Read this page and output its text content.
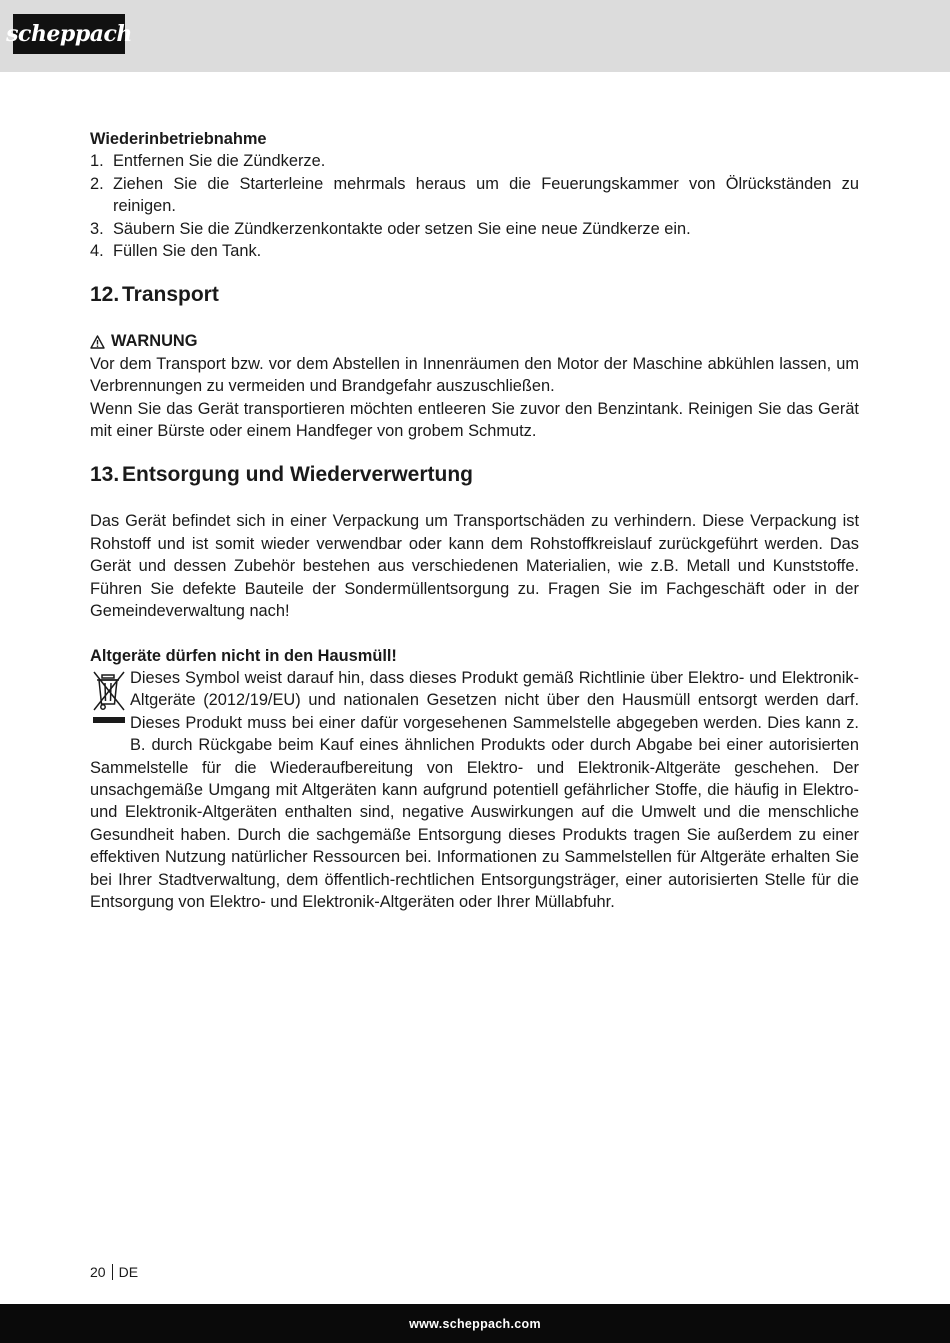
scheppach
Wiederinbetriebnahme
1. Entfernen Sie die Zündkerze.
2. Ziehen Sie die Starterleine mehrmals heraus um die Feuerungskammer von Ölrückständen zu reinigen.
3. Säubern Sie die Zündkerzenkontakte oder setzen Sie eine neue Zündkerze ein.
4. Füllen Sie den Tank.
12. Transport
WARNUNG
Vor dem Transport bzw. vor dem Abstellen in Innenräumen den Motor der Maschine abkühlen lassen, um Verbrennungen zu vermeiden und Brandgefahr auszuschließen.
Wenn Sie das Gerät transportieren möchten entleeren Sie zuvor den Benzintank. Reinigen Sie das Gerät mit einer Bürste oder einem Handfeger von grobem Schmutz.
13. Entsorgung und Wiederverwertung
Das Gerät befindet sich in einer Verpackung um Transportschäden zu verhindern. Diese Verpackung ist Rohstoff und ist somit wieder verwendbar oder kann dem Rohstoffkreislauf zurückgeführt werden. Das Gerät und dessen Zubehör bestehen aus verschiedenen Materialien, wie z.B. Metall und Kunststoffe. Führen Sie defekte Bauteile der Sondermüllentsorgung zu. Fragen Sie im Fachgeschäft oder in der Gemeindeverwaltung nach!
Altgeräte dürfen nicht in den Hausmüll!
Dieses Symbol weist darauf hin, dass dieses Produkt gemäß Richtlinie über Elektro- und Elektronik-Altgeräte (2012/19/EU) und nationalen Gesetzen nicht über den Hausmüll entsorgt werden darf. Dieses Produkt muss bei einer dafür vorgesehenen Sammelstelle abgegeben werden. Dies kann z. B. durch Rückgabe beim Kauf eines ähnlichen Produkts oder durch Abgabe bei einer autorisierten Sammelstelle für die Wiederaufbereitung von Elektro- und Elektronik-Altgeräte geschehen. Der unsachgemäße Umgang mit Altgeräten kann aufgrund potentiell gefährlicher Stoffe, die häufig in Elektro- und Elektronik-Altgeräten enthalten sind, negative Auswirkungen auf die Umwelt und die menschliche Gesundheit haben. Durch die sachgemäße Entsorgung dieses Produkts tragen Sie außerdem zu einer effektiven Nutzung natürlicher Ressourcen bei. Informationen zu Sammelstellen für Altgeräte erhalten Sie bei Ihrer Stadtverwaltung, dem öffentlich-rechtlichen Entsorgungsträger, einer autorisierten Stelle für die Entsorgung von Elektro- und Elektronik-Altgeräten oder Ihrer Müllabfuhr.
20 DE
www.scheppach.com
